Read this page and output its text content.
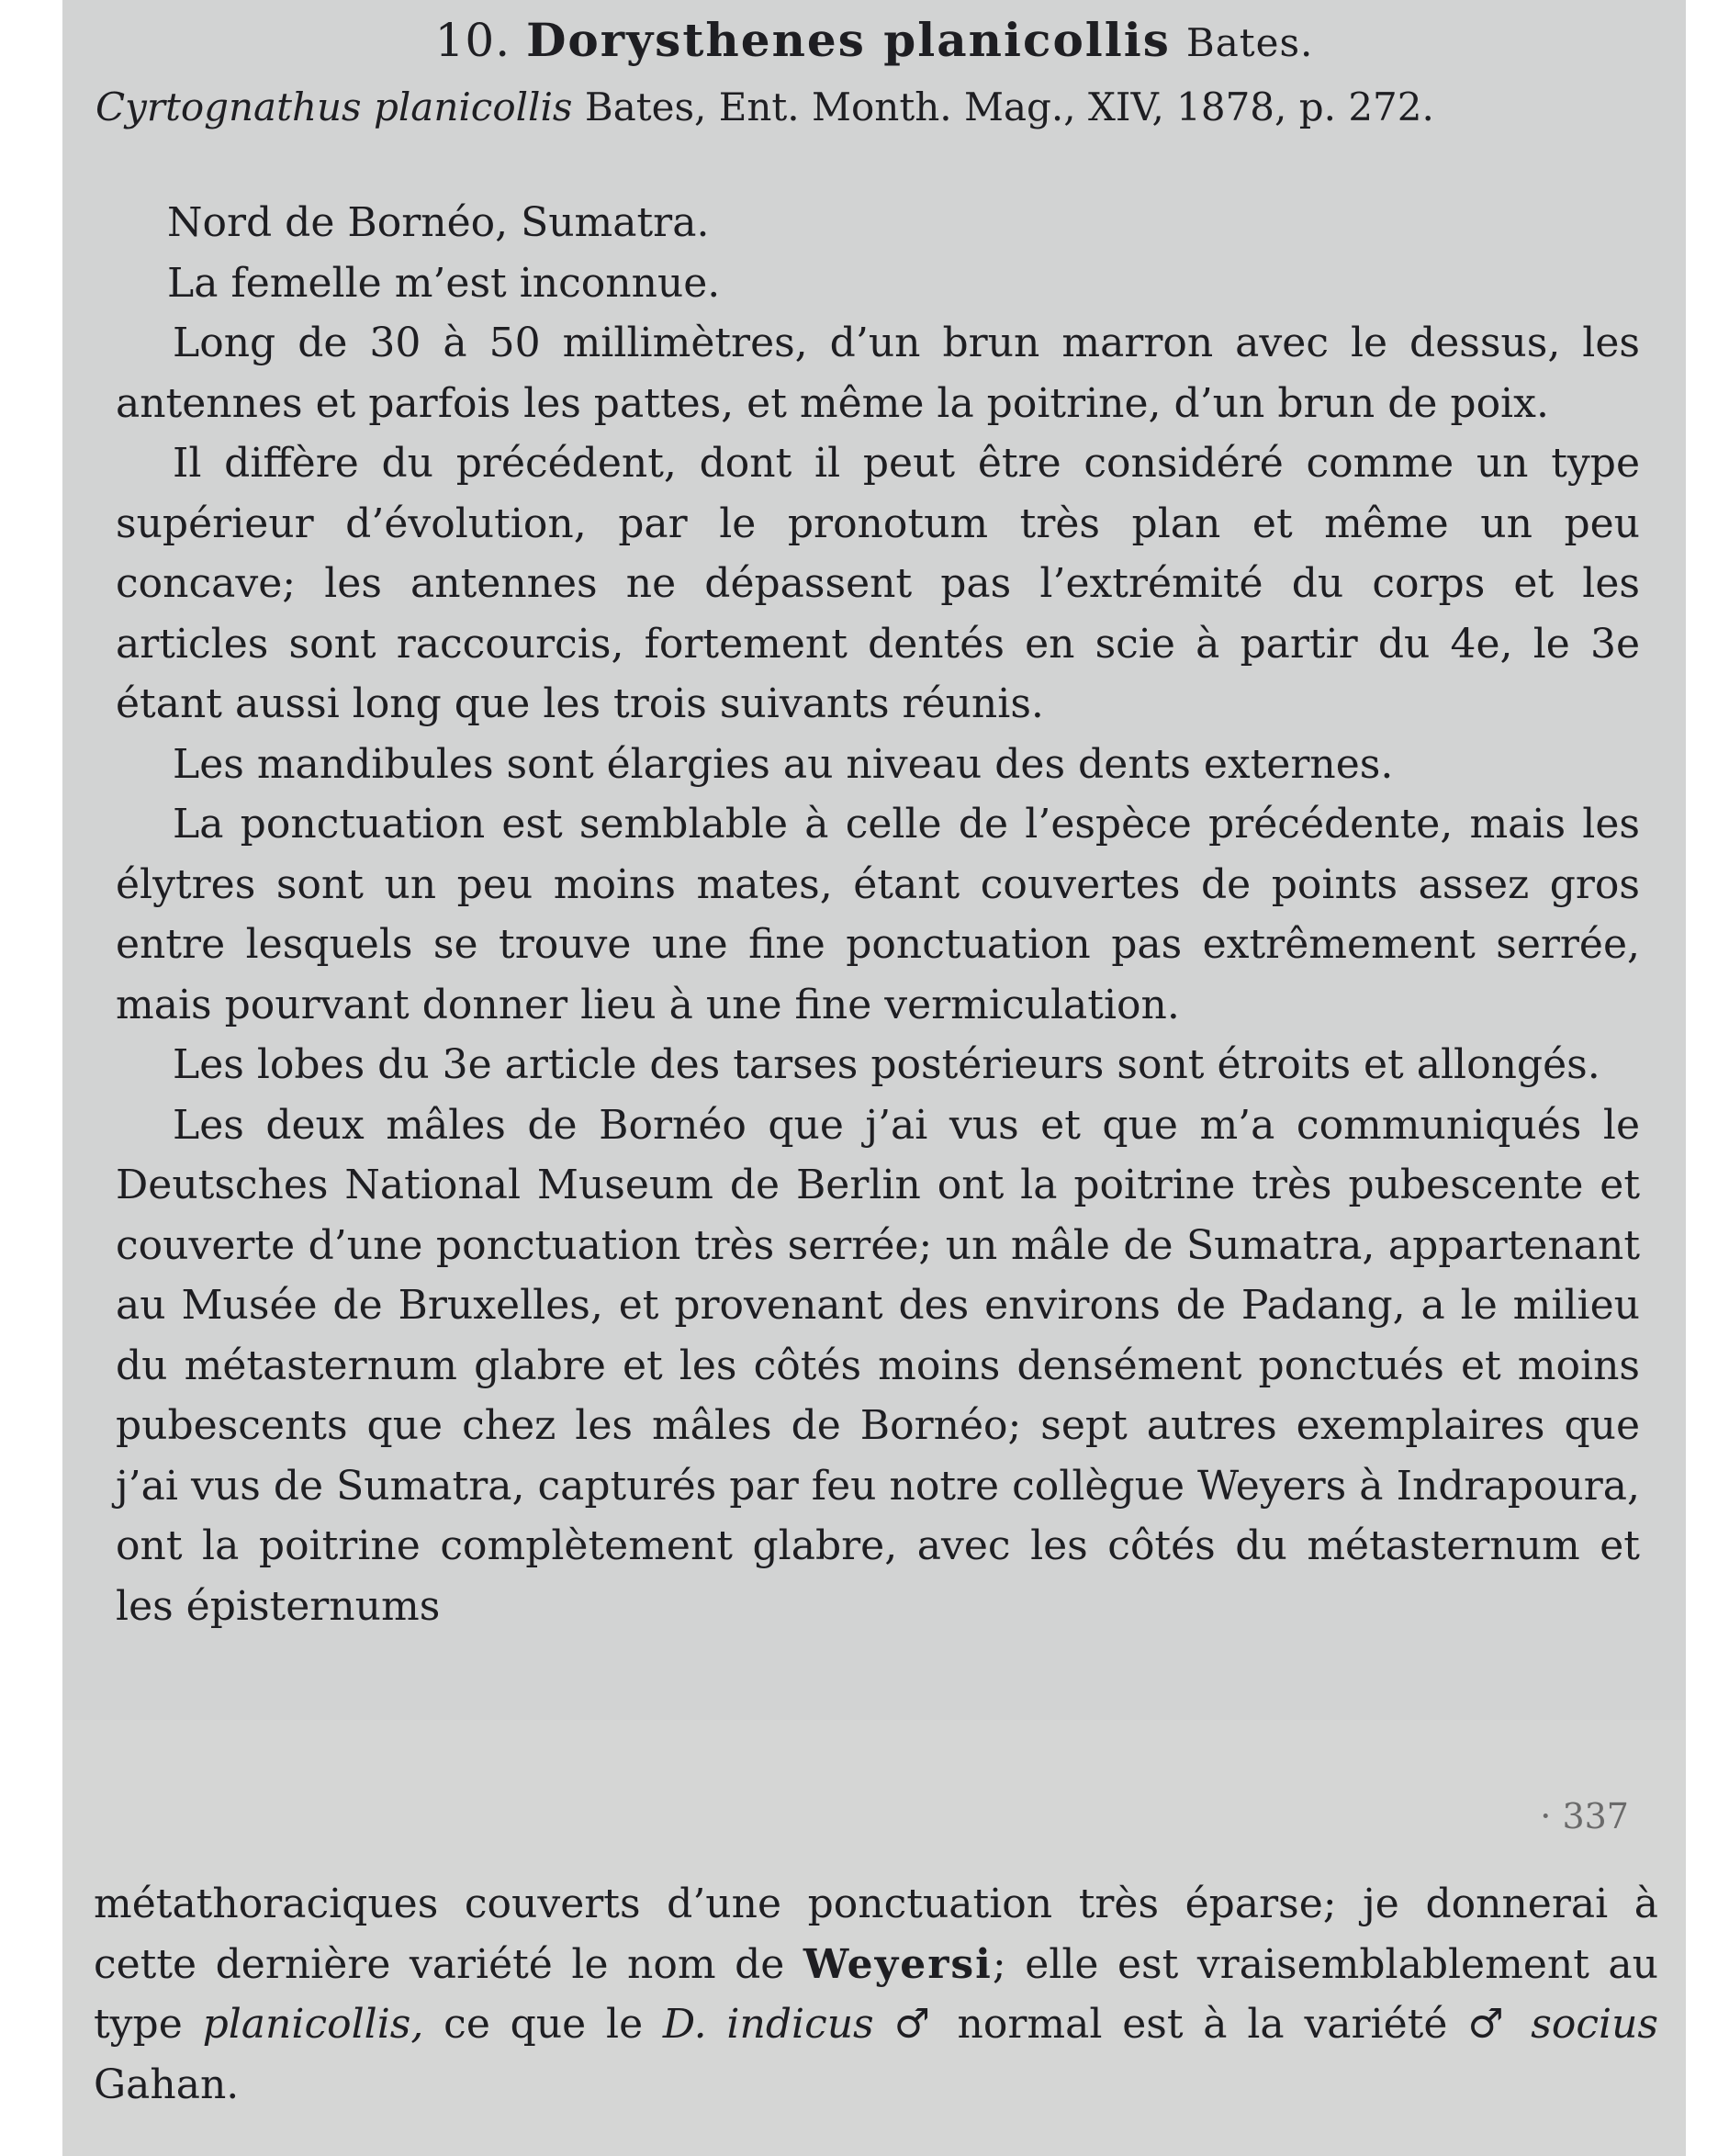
10. Dorysthenes planicollis Bates.
Cyrtognathus planicollis Bates, Ent. Month. Mag., XIV, 1878, p. 272.

Nord de Bornéo, Sumatra.

La femelle m’est inconnue.

Long de 30 à 50 millimètres, d’un brun marron avec le dessus, les antennes et parfois les pattes, et même la poitrine, d’un brun de poix.

Il diffère du précédent, dont il peut être considéré comme un type supérieur d’évolution, par le pronotum très plan et même un peu concave; les antennes ne dépassent pas l’extrémité du corps et les articles sont raccourcis, fortement dentés en scie à partir du 4e, le 3e étant aussi long que les trois suivants réunis.

Les mandibules sont élargies au niveau des dents externes.

La ponctuation est semblable à celle de l’espèce précédente, mais les élytres sont un peu moins mates, étant couvertes de points assez gros entre lesquels se trouve une fine ponctuation pas extrêmement serrée, mais pourvant donner lieu à une fine vermiculation.

Les lobes du 3e article des tarses postérieurs sont étroits et allongés.

Les deux mâles de Bornéo que j’ai vus et que m’a communiqués le Deutsches National Museum de Berlin ont la poitrine très pubescente et couverte d’une ponctuation très serrée; un mâle de Sumatra, appartenant au Musée de Bruxelles, et provenant des environs de Padang, a le milieu du métasternum glabre et les côtés moins densément ponctués et moins pubescents que chez les mâles de Bornéo; sept autres exemplaires que j’ai vus de Sumatra, capturés par feu notre collègue Weyers à Indrapoura, ont la poitrine complètement glabre, avec les côtés du métasternum et les épisternums

· 337
métathoraciques couverts d’une ponctuation très éparse; je donnerai à cette dernière variété le nom de Weyersi; elle est vraisemblablement au type planicollis, ce que le D. indicus ♂ normal est à la variété ♂ socius Gahan.
